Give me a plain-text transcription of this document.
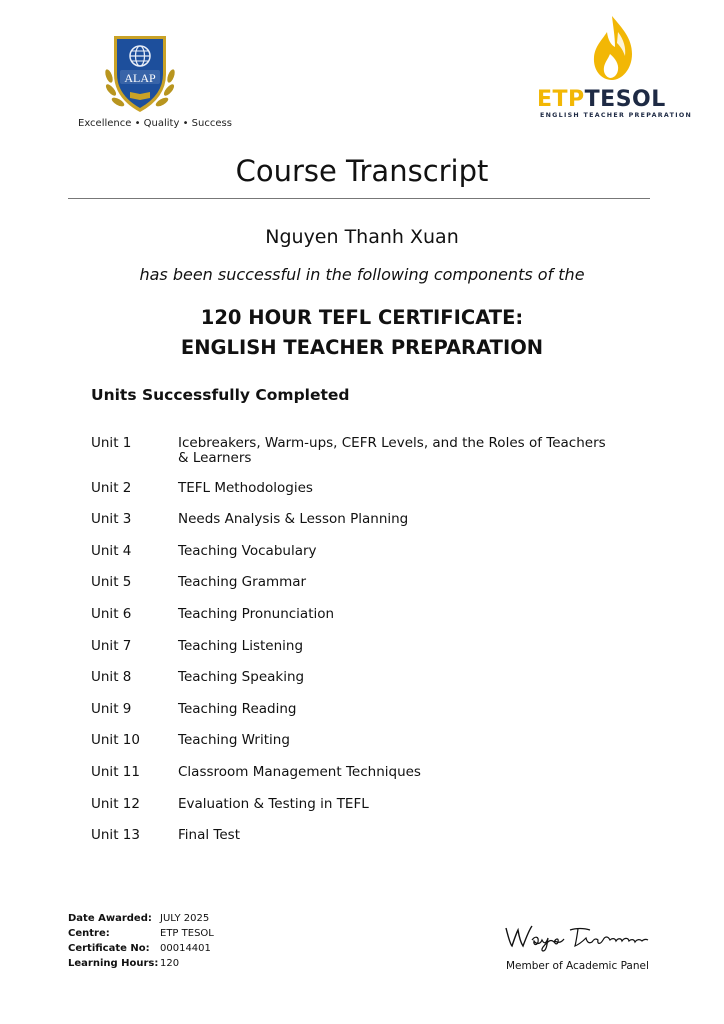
ALAP
Excellence • Quality • Success
ETPTESOL
ENGLISH TEACHER PREPARATION
Course Transcript
Nguyen Thanh Xuan
has been successful in the following components of the
120 HOUR TEFL CERTIFICATE:
ENGLISH TEACHER PREPARATION
Units Successfully Completed
Unit 1	Icebreakers, Warm-ups, CEFR Levels, and the Roles of Teachers & Learners
Unit 2	TEFL Methodologies
Unit 3	Needs Analysis & Lesson Planning
Unit 4	Teaching Vocabulary
Unit 5	Teaching Grammar
Unit 6	Teaching Pronunciation
Unit 7	Teaching Listening
Unit 8	Teaching Speaking
Unit 9	Teaching Reading
Unit 10	Teaching Writing
Unit 11	Classroom Management Techniques
Unit 12	Evaluation & Testing in TEFL
Unit 13	Final Test
Date Awarded: JULY 2025
Centre:	ETP TESOL
Certificate No: 00014401
Learning Hours: 120	Member of Academic Panel
